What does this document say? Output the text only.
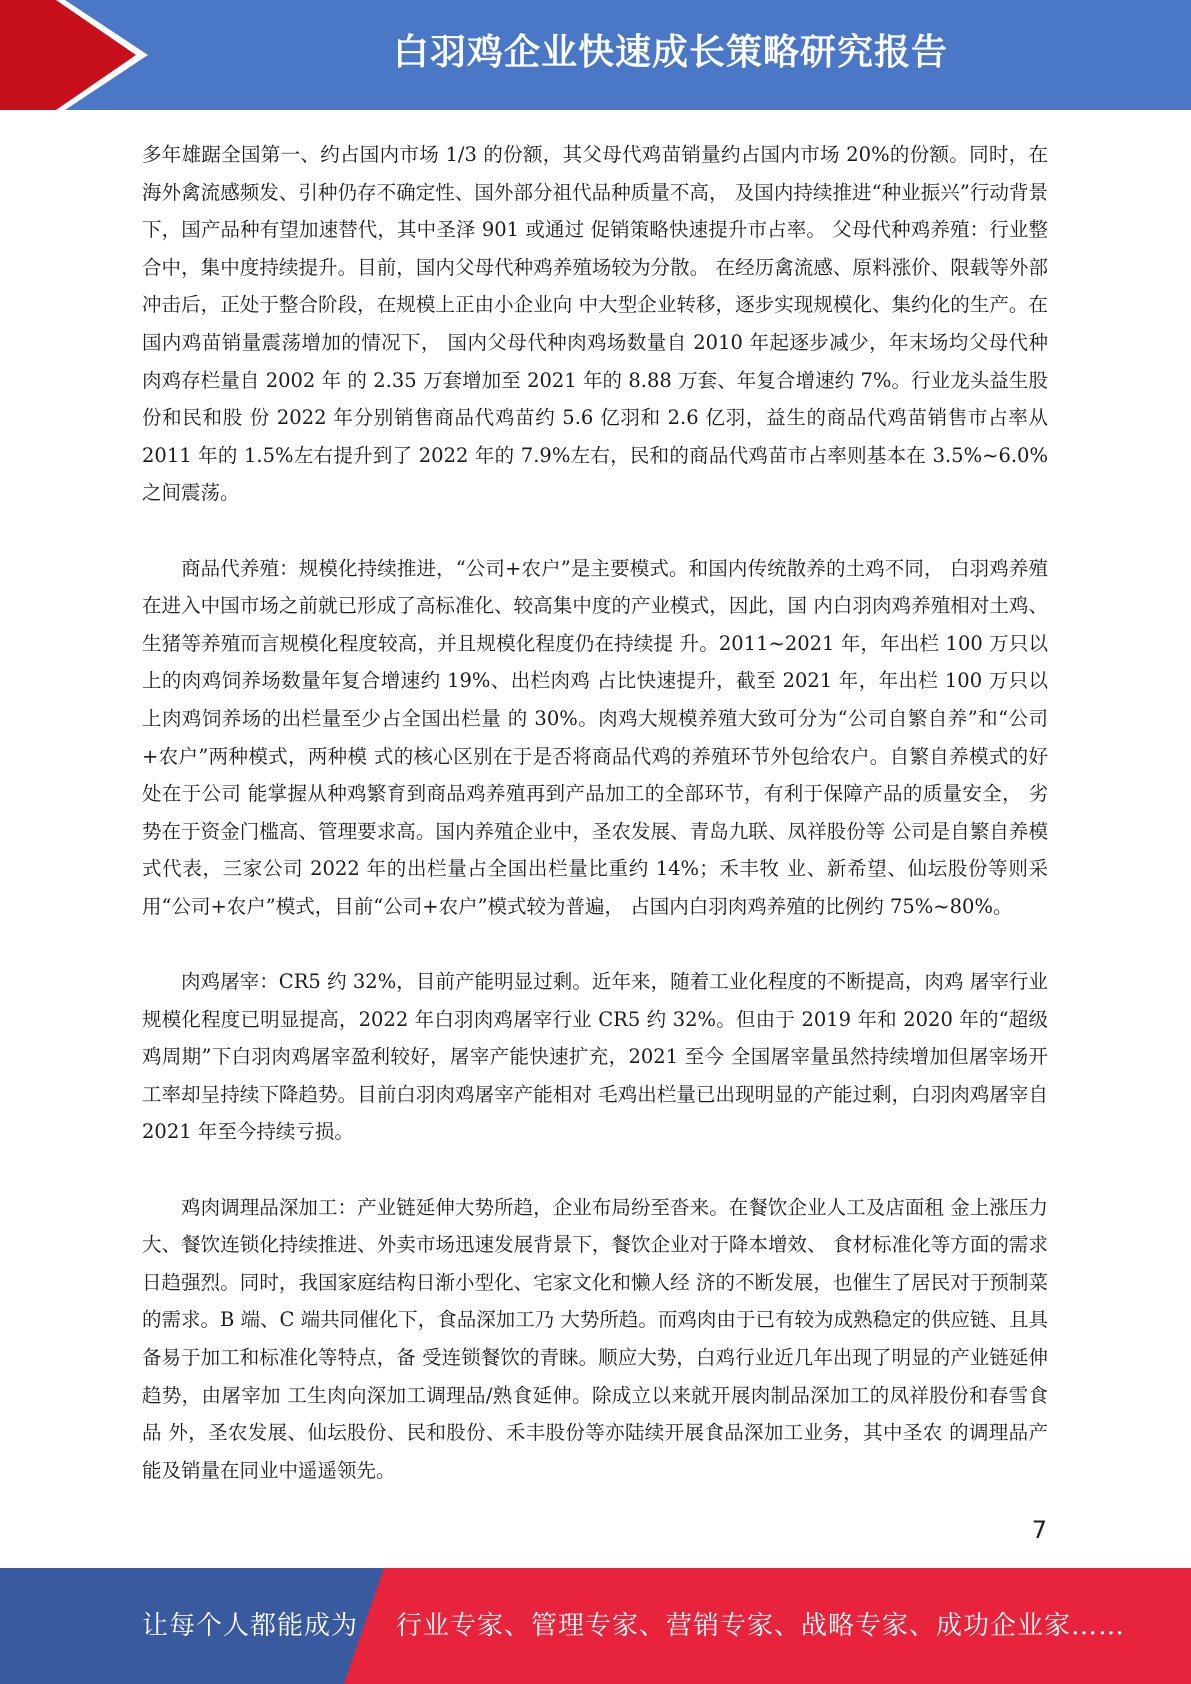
白羽鸡企业快速成长策略研究报告

多年雄踞全国第一、约占国内市场 1/3 的份额，其父母代鸡苗销量约占国内市场 20%的份额。同时，在海外禽流感频发、引种仍存不确定性、国外部分祖代品种质量不高， 及国内持续推进“种业振兴”行动背景下，国产品种有望加速替代，其中圣泽 901 或通过 促销策略快速提升市占率。 父母代种鸡养殖：行业整合中，集中度持续提升。目前，国内父母代种鸡养殖场较为分散。 在经历禽流感、原料涨价、限载等外部冲击后，正处于整合阶段，在规模上正由小企业向 中大型企业转移，逐步实现规模化、集约化的生产。在国内鸡苗销量震荡增加的情况下， 国内父母代种肉鸡场数量自 2010 年起逐步减少，年末场均父母代种肉鸡存栏量自 2002 年 的 2.35 万套增加至 2021 年的 8.88 万套、年复合增速约 7%。行业龙头益生股份和民和股 份 2022 年分别销售商品代鸡苗约 5.6 亿羽和 2.6 亿羽，益生的商品代鸡苗销售市占率从 2011 年的 1.5%左右提升到了 2022 年的 7.9%左右，民和的商品代鸡苗市占率则基本在 3.5%~6.0%之间震荡。

商品代养殖：规模化持续推进，“公司+农户”是主要模式。和国内传统散养的土鸡不同， 白羽鸡养殖在进入中国市场之前就已形成了高标准化、较高集中度的产业模式，因此，国 内白羽肉鸡养殖相对土鸡、生猪等养殖而言规模化程度较高，并且规模化程度仍在持续提 升。2011~2021 年，年出栏 100 万只以上的肉鸡饲养场数量年复合增速约 19%、出栏肉鸡 占比快速提升，截至 2021 年，年出栏 100 万只以上肉鸡饲养场的出栏量至少占全国出栏量 的 30%。肉鸡大规模养殖大致可分为“公司自繁自养”和“公司+农户”两种模式，两种模 式的核心区别在于是否将商品代鸡的养殖环节外包给农户。自繁自养模式的好处在于公司 能掌握从种鸡繁育到商品鸡养殖再到产品加工的全部环节，有利于保障产品的质量安全， 劣势在于资金门槛高、管理要求高。国内养殖企业中，圣农发展、青岛九联、凤祥股份等 公司是自繁自养模式代表，三家公司 2022 年的出栏量占全国出栏量比重约 14%；禾丰牧 业、新希望、仙坛股份等则采用“公司+农户”模式，目前“公司+农户”模式较为普遍， 占国内白羽肉鸡养殖的比例约 75%~80%。

肉鸡屠宰：CR5 约 32%，目前产能明显过剩。近年来，随着工业化程度的不断提高，肉鸡 屠宰行业规模化程度已明显提高，2022 年白羽肉鸡屠宰行业 CR5 约 32%。但由于 2019 年和 2020 年的“超级鸡周期”下白羽肉鸡屠宰盈利较好，屠宰产能快速扩充，2021 至今 全国屠宰量虽然持续增加但屠宰场开工率却呈持续下降趋势。目前白羽肉鸡屠宰产能相对 毛鸡出栏量已出现明显的产能过剩，白羽肉鸡屠宰自 2021 年至今持续亏损。

鸡肉调理品深加工：产业链延伸大势所趋，企业布局纷至沓来。在餐饮企业人工及店面租 金上涨压力大、餐饮连锁化持续推进、外卖市场迅速发展背景下，餐饮企业对于降本增效、 食材标准化等方面的需求日趋强烈。同时，我国家庭结构日渐小型化、宅家文化和懒人经 济的不断发展，也催生了居民对于预制菜的需求。B 端、C 端共同催化下，食品深加工乃 大势所趋。而鸡肉由于已有较为成熟稳定的供应链、且具备易于加工和标准化等特点，备 受连锁餐饮的青睐。顺应大势，白鸡行业近几年出现了明显的产业链延伸趋势，由屠宰加 工生肉向深加工调理品/熟食延伸。除成立以来就开展肉制品深加工的凤祥股份和春雪食品 外，圣农发展、仙坛股份、民和股份、禾丰股份等亦陆续开展食品深加工业务，其中圣农 的调理品产能及销量在同业中遥遥领先。

7
让每个人都能成为 行业专家、管理专家、营销专家、战略专家、成功企业家……
